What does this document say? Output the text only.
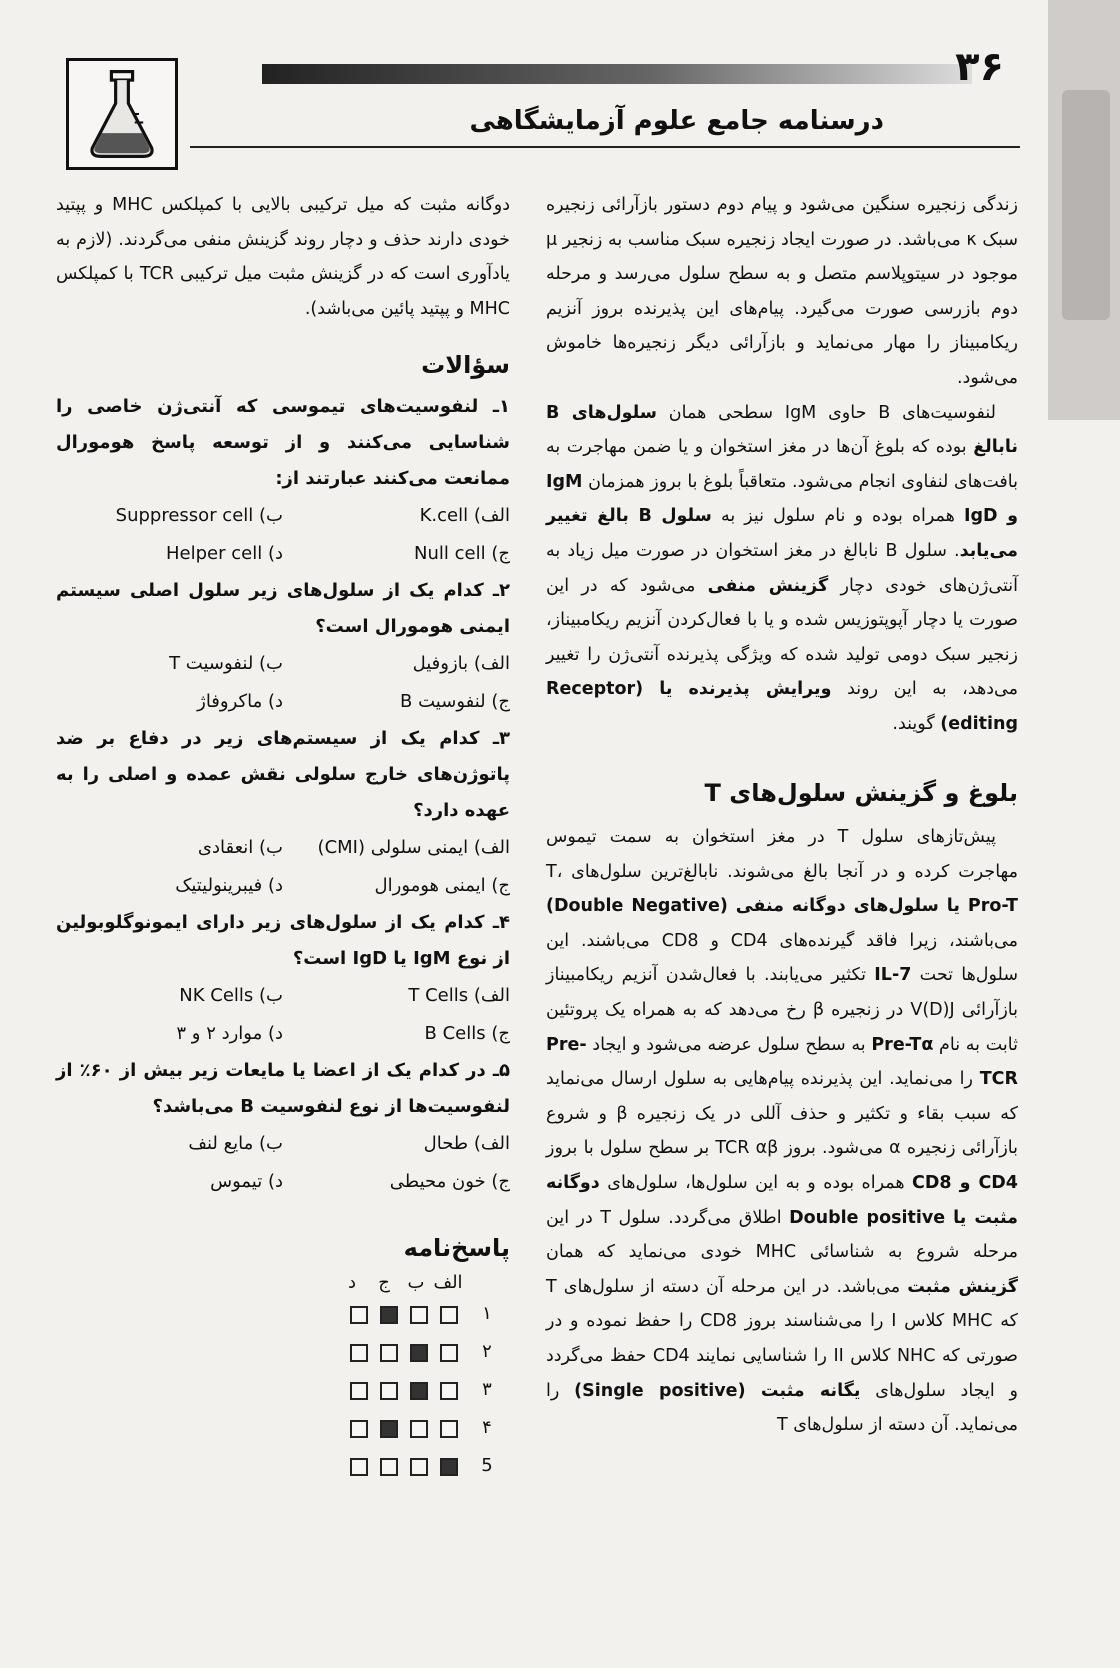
۳۶
درسنامه جامع علوم آزمایشگاهی

زندگی زنجیره سنگین می‌شود و پیام دوم دستور بازآرائی زنجیره سبک κ می‌باشد. در صورت ایجاد زنجیره سبک مناسب به زنجیر μ موجود در سیتوپلاسم متصل و به سطح سلول می‌رسد و مرحله دوم بازرسی صورت می‌گیرد. پیام‌های این پذیرنده بروز آنزیم ریکامبیناز را مهار می‌نماید و بازآرائی دیگر زنجیره‌ها خاموش می‌شود.

لنفوسیت‌های B حاوی IgM سطحی همان سلول‌های B نابالغ بوده که بلوغ آن‌ها در مغز استخوان و یا ضمن مهاجرت به بافت‌های لنفاوی انجام می‌شود. متعاقباً بلوغ با بروز همزمان IgM و IgD همراه بوده و نام سلول نیز به سلول B بالغ تغییر می‌یابد. سلول B نابالغ در مغز استخوان در صورت میل زیاد به آنتی‌ژن‌های خودی دچار گزینش منفی می‌شود که در این صورت یا دچار آپوپتوزیس شده و یا با فعال‌کردن آنزیم ریکامبیناز، زنجیر سبک دومی تولید شده که ویژگی پذیرنده آنتی‌ژن را تغییر می‌دهد، به این روند ویرایش پذیرنده یا (Receptor editing) گویند.

بلوغ و گزینش سلول‌های T

پیش‌تازهای سلول T در مغز استخوان به سمت تیموس مهاجرت کرده و در آنجا بالغ می‌شوند. نابالغ‌ترین سلول‌های T، Pro-T یا سلول‌های دوگانه منفی (Double Negative) می‌باشند، زیرا فاقد گیرنده‌های CD4 و CD8 می‌باشند. این سلول‌ها تحت IL-7 تکثیر می‌یابند. با فعال‌شدن آنزیم ریکامبیناز بازآرائی V(D)J در زنجیره β رخ می‌دهد که به همراه یک پروتئین ثابت به نام Pre-Tα به سطح سلول عرضه می‌شود و ایجاد Pre-TCR را می‌نماید. این پذیرنده پیام‌هایی به سلول ارسال می‌نماید که سبب بقاء و تکثیر و حذف آللی در یک زنجیره β و شروع بازآرائی زنجیره α می‌شود. بروز TCR αβ بر سطح سلول با بروز CD4 و CD8 همراه بوده و به این سلول‌ها، سلول‌های دوگانه مثبت یا Double positive اطلاق می‌گردد. سلول T در این مرحله شروع به شناسائی MHC خودی می‌نماید که همان گزینش مثبت می‌باشد. در این مرحله آن دسته از سلول‌های T که MHC کلاس I را می‌شناسند بروز CD8 را حفظ نموده و در صورتی که NHC کلاس II را شناسایی نمایند CD4 حفظ می‌گردد و ایجاد سلول‌های یگانه مثبت (Single positive) را می‌نماید. آن دسته از سلول‌های T

دوگانه مثبت که میل ترکیبی بالایی با کمپلکس MHC و پپتید خودی دارند حذف و دچار روند گزینش منفی می‌گردند. (لازم به یادآوری است که در گزینش مثبت میل ترکیبی TCR با کمپلکس MHC و پپتید پائین می‌باشد).

سؤالات
۱ـ لنفوسیت‌های تیموسی که آنتی‌ژن خاصی را شناسایی می‌کنند و از توسعه پاسخ هومورال ممانعت می‌کنند عبارتند از:
الف) K.cell
ب) Suppressor cell
ج) Null cell
د) Helper cell
۲ـ کدام یک از سلول‌های زیر سلول اصلی سیستم ایمنی هومورال است؟
الف) بازوفیل
ب) لنفوسیت T
ج) لنفوسیت B
د) ماکروفاژ
۳ـ کدام یک از سیستم‌های زیر در دفاع بر ضد پاتوژن‌های خارج سلولی نقش عمده و اصلی را به عهده دارد؟
الف) ایمنی سلولی (CMI)
ب) انعقادی
ج) ایمنی هومورال
د) فیبرینولیتیک
۴ـ کدام یک از سلول‌های زیر دارای ایمونوگلوبولین از نوع IgM یا IgD است؟
الف) T Cells
ب) NK Cells
ج) B Cells
د) موارد ۲ و ۳
۵ـ در کدام یک از اعضا یا مایعات زیر بیش از ۶۰٪ از لنفوسیت‌ها از نوع لنفوسیت B می‌باشد؟
الف) طحال
ب) مایع لنف
ج) خون محیطی
د) تیموس
پاسخ‌نامه
الف
ب
ج
د
۱
۲
۳
۴
5
